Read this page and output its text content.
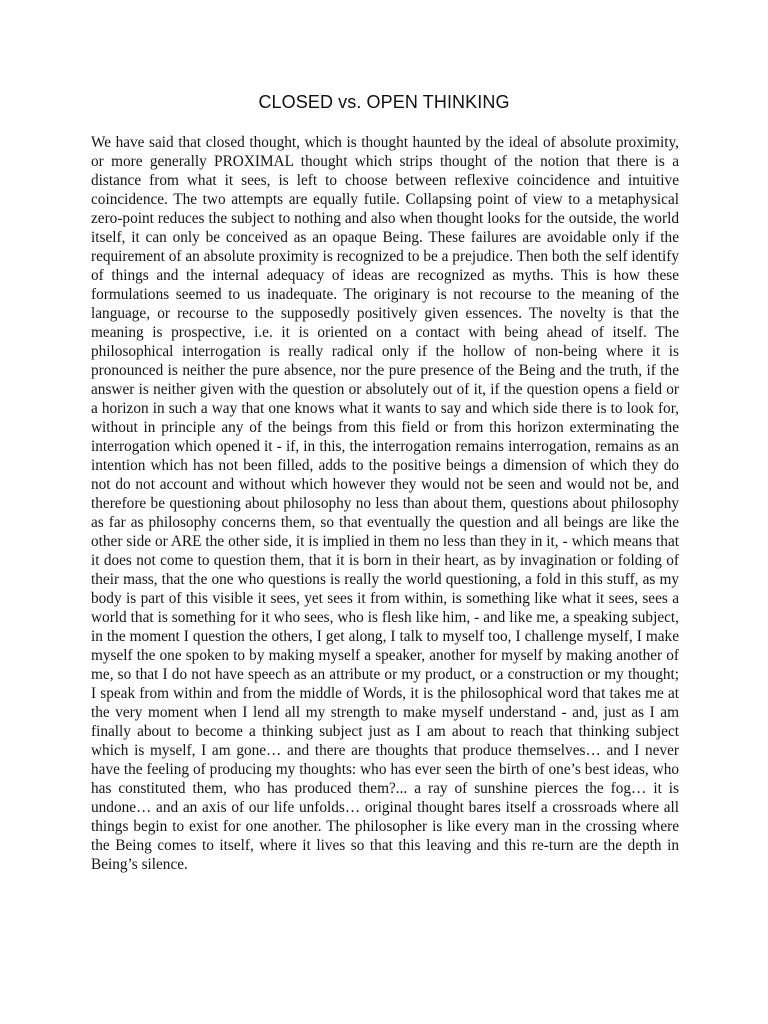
CLOSED vs. OPEN THINKING

We have said that closed thought, which is thought haunted by the ideal of absolute proximity, or more generally PROXIMAL thought which strips thought of the notion that there is a distance from what it sees, is left to choose between reflexive coincidence and intuitive coincidence. The two attempts are equally futile. Collapsing point of view to a metaphysical zero-point reduces the subject to nothing and also when thought looks for the outside, the world itself, it can only be conceived as an opaque Being. These failures are avoidable only if the requirement of an absolute proximity is recognized to be a prejudice. Then both the self identify of things and the internal adequacy of ideas are recognized as myths. This is how these formulations seemed to us inadequate. The originary is not recourse to the meaning of the language, or recourse to the supposedly positively given essences. The novelty is that the meaning is prospective, i.e. it is oriented on a contact with being ahead of itself. The philosophical interrogation is really radical only if the hollow of non-being where it is pronounced is neither the pure absence, nor the pure presence of the Being and the truth, if the answer is neither given with the question or absolutely out of it, if the question opens a field or a horizon in such a way that one knows what it wants to say and which side there is to look for, without in principle any of the beings from this field or from this horizon exterminating the interrogation which opened it - if, in this, the interrogation remains interrogation, remains as an intention which has not been filled, adds to the positive beings a dimension of which they do not do not account and without which however they would not be seen and would not be, and therefore be questioning about philosophy no less than about them, questions about philosophy as far as philosophy concerns them, so that eventually the question and all beings are like the other side or ARE the other side, it is implied in them no less than they in it, - which means that it does not come to question them, that it is born in their heart, as by invagination or folding of their mass, that the one who questions is really the world questioning, a fold in this stuff, as my body is part of this visible it sees, yet sees it from within, is something like what it sees, sees a world that is something for it who sees, who is flesh like him, - and like me, a speaking subject, in the moment I question the others, I get along, I talk to myself too, I challenge myself, I make myself the one spoken to by making myself a speaker, another for myself by making another of me, so that I do not have speech as an attribute or my product, or a construction or my thought; I speak from within and from the middle of Words, it is the philosophical word that takes me at the very moment when I lend all my strength to make myself understand - and, just as I am finally about to become a thinking subject just as I am about to reach that thinking subject which is myself, I am gone… and there are thoughts that produce themselves… and I never have the feeling of producing my thoughts: who has ever seen the birth of one’s best ideas, who has constituted them, who has produced them?... a ray of sunshine pierces the fog… it is undone… and an axis of our life unfolds… original thought bares itself a crossroads where all things begin to exist for one another. The philosopher is like every man in the crossing where the Being comes to itself, where it lives so that this leaving and this re-turn are the depth in Being’s silence.
